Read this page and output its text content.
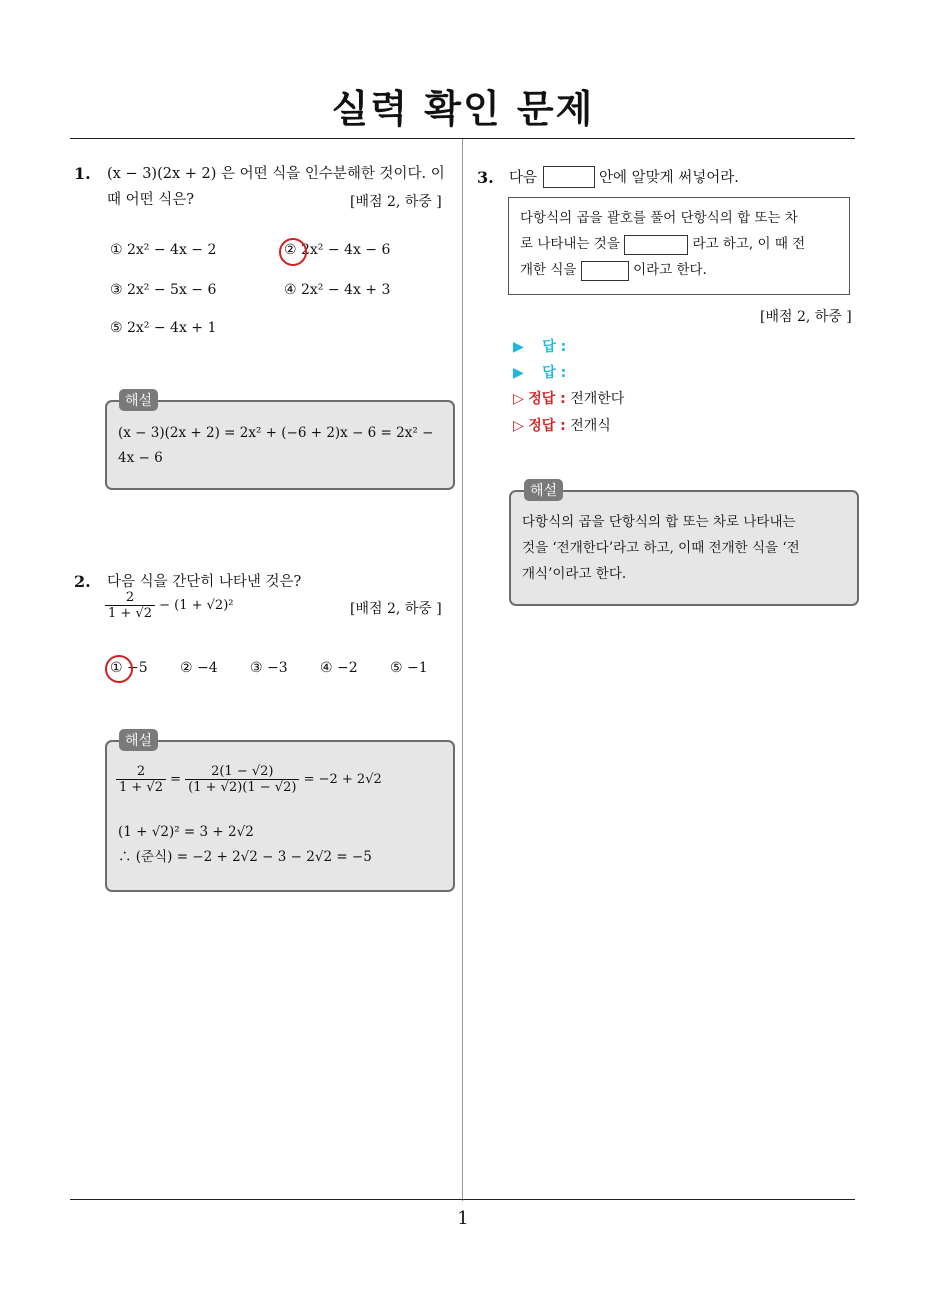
실력 확인 문제
1. (x − 3)(2x + 2) 은 어떤 식을 인수분해한 것이다. 이
때 어떤 식은?	[배점 2, 하중 ]
① 2x² − 4x − 2	② 2x² − 4x − 6
③ 2x² − 5x − 6	④ 2x² − 4x + 3
⑤ 2x² − 4x + 1
해설
(x − 3)(2x + 2) = 2x² + (−6 + 2)x − 6 = 2x² −
4x − 6
2. 다음 식을 간단히 나타낸 것은?
$\frac{2}{1 + √2} - (1 + √2)^2$	[배점 2, 하중 ]
① −5 ② −4 ③ −3 ④ −2 ⑤ −1
해설
$\frac{2}{1 + √2} = \frac{2(1 - √2)}{(1 + √2)(1 - √2)} = -2 + 2√2$
(1 + √2)² = 3 + 2√2
∴ (준식) = −2 + 2√2 − 3 − 2√2 = −5
3. 다음	안에 알맞게 써넣어라.
다항식의 곱을 괄호를 풀어 단항식의 합 또는 차
로 나타내는 것을	라고 하고, 이 때 전
개한 식을	이라고 한다.
[배점 2, 하중 ]
▶ 답 :
▶ 답 :
▷ 정답 : 전개한다
▷ 정답 : 전개식
해설
다항식의 곱을 단항식의 합 또는 차로 나타내는
것을 ‘전개한다’라고 하고, 이때 전개한 식을 ‘전
개식’이라고 한다.
1
